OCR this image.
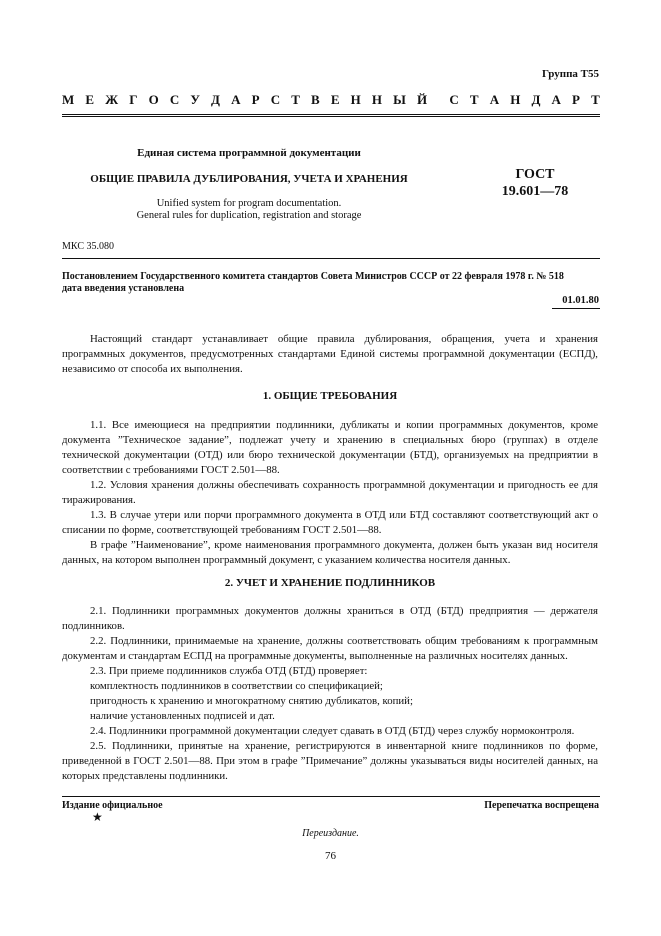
Группа Т55
М Е Ж Г О С У Д А Р С Т В Е Н Н Ы Й С Т А Н Д А Р Т
Единая система программной документации
ОБЩИЕ ПРАВИЛА ДУБЛИРОВАНИЯ, УЧЕТА И ХРАНЕНИЯ	ГОСТ
19.601—78
Unified system for program documentation.
General rules for duplication, registration and storage
МКС 35.080
Постановлением Государственного комитета стандартов Совета Министров СССР от 22 февраля 1978 г. № 518
дата введения установлена
01.01.80

Настоящий стандарт устанавливает общие правила дублирования, обращения, учета и хранения программных документов, предусмотренных стандартами Единой системы программной документации (ЕСПД), независимо от способа их выполнения.

1. ОБЩИЕ ТРЕБОВАНИЯ

1.1. Все имеющиеся на предприятии подлинники, дубликаты и копии программных документов, кроме документа ”Техническое задание”, подлежат учету и хранению в специальных бюро (группах) в отделе технической документации (ОТД) или бюро технической документации (БТД), организуемых на предприятии в соответствии с требованиями ГОСТ 2.501—88.

1.2. Условия хранения должны обеспечивать сохранность программной документации и пригодность ее для тиражирования.

1.3. В случае утери или порчи программного документа в ОТД или БТД составляют соответствующий акт о списании по форме, соответствующей требованиям ГОСТ 2.501—88.

В графе ”Наименование”, кроме наименования программного документа, должен быть указан вид носителя данных, на котором выполнен программный документ, с указанием количества носителя данных.

2. УЧЕТ И ХРАНЕНИЕ ПОДЛИННИКОВ

2.1. Подлинники программных документов должны храниться в ОТД (БТД) предприятия — держателя подлинников.

2.2. Подлинники, принимаемые на хранение, должны соответствовать общим требованиям к программным документам и стандартам ЕСПД на программные документы, выполненные на различных носителях данных.

2.3. При приеме подлинников служба ОТД (БТД) проверяет:

комплектность подлинников в соответствии со спецификацией;

пригодность к хранению и многократному снятию дубликатов, копий;

наличие установленных подписей и дат.

2.4. Подлинники программной документации следует сдавать в ОТД (БТД) через службу нормоконтроля.

2.5. Подлинники, принятые на хранение, регистрируются в инвентарной книге подлинников по форме, приведенной в ГОСТ 2.501—88. При этом в графе ”Примечание” должны указываться виды носителей данных, на которых представлены подлинники.

Издание официальное	Перепечатка воспрещена
★
Переиздание.
76
